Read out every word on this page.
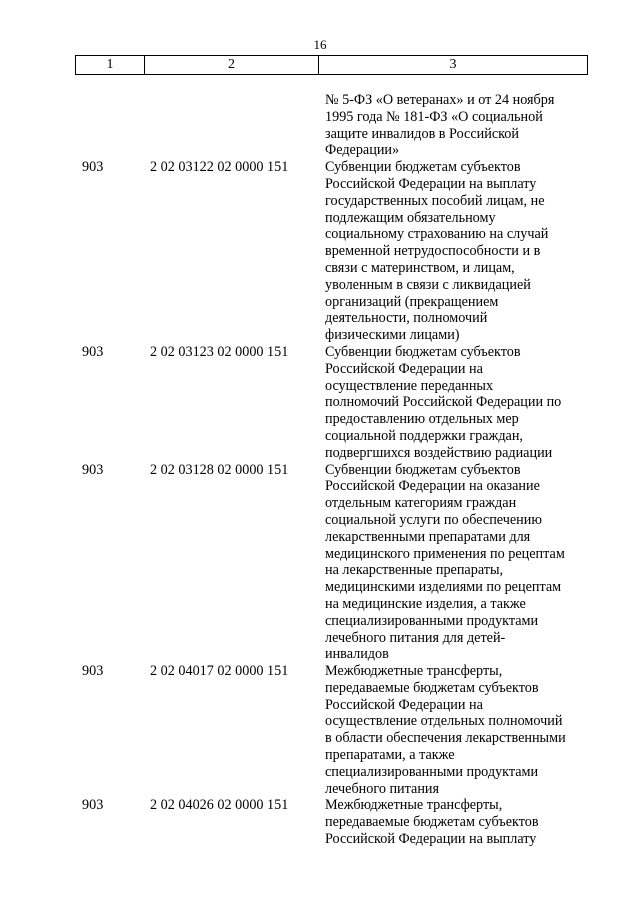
16
1	2	3
№ 5-ФЗ «О ветеранах» и от 24 ноября
1995 года № 181-ФЗ «О социальной
защите инвалидов в Российской
Федерации»
903	2 02 03122 02 0000 151	Субвенции бюджетам субъектов
Российской Федерации на выплату
государственных пособий лицам, не
подлежащим обязательному
социальному страхованию на случай
временной нетрудоспособности и в
связи с материнством, и лицам,
уволенным в связи с ликвидацией
организаций (прекращением
деятельности, полномочий
физическими лицами)
903	2 02 03123 02 0000 151	Субвенции бюджетам субъектов
Российской Федерации на
осуществление переданных
полномочий Российской Федерации по
предоставлению отдельных мер
социальной поддержки граждан,
подвергшихся воздействию радиации
903	2 02 03128 02 0000 151	Субвенции бюджетам субъектов
Российской Федерации на оказание
отдельным категориям граждан
социальной услуги по обеспечению
лекарственными препаратами для
медицинского применения по рецептам
на лекарственные препараты,
медицинскими изделиями по рецептам
на медицинские изделия, а также
специализированными продуктами
лечебного питания для детей-
инвалидов
903	2 02 04017 02 0000 151	Межбюджетные трансферты,
передаваемые бюджетам субъектов
Российской Федерации на
осуществление отдельных полномочий
в области обеспечения лекарственными
препаратами, а также
специализированными продуктами
лечебного питания
903	2 02 04026 02 0000 151	Межбюджетные трансферты,
передаваемые бюджетам субъектов
Российской Федерации на выплату
